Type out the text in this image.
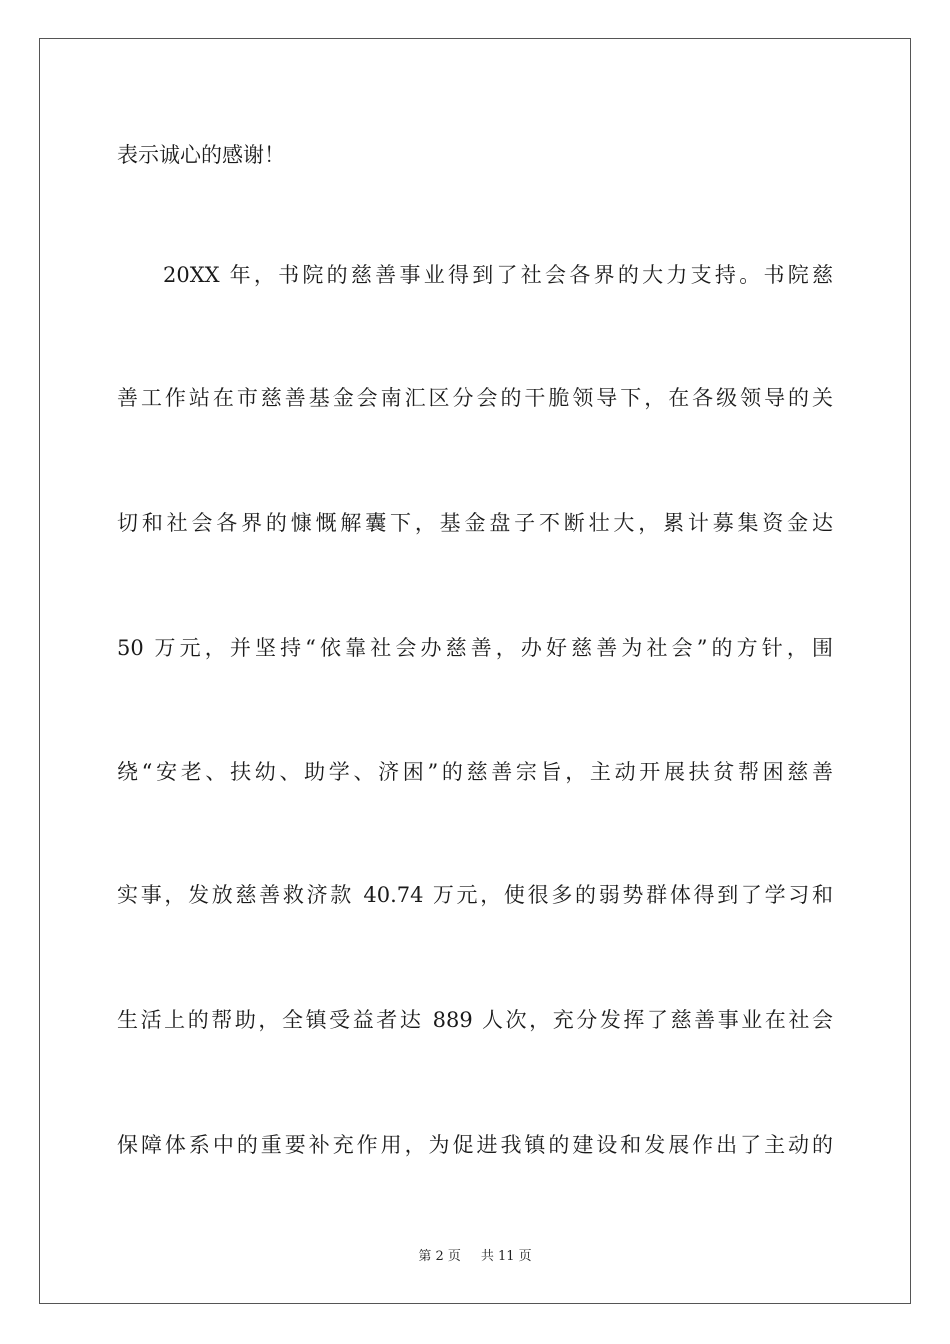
表示诚心的感谢！
20XX 年，书院的慈善事业得到了社会各界的大力支持。书院慈
善工作站在市慈善基金会南汇区分会的干脆领导下，在各级领导的关
切和社会各界的慷慨解囊下，基金盘子不断壮大，累计募集资金达
50 万元，并坚持“依靠社会办慈善，办好慈善为社会”的方针，围
绕“安老、扶幼、助学、济困”的慈善宗旨，主动开展扶贫帮困慈善
实事，发放慈善救济款 40.74 万元，使很多的弱势群体得到了学习和
生活上的帮助，全镇受益者达 889 人次，充分发挥了慈善事业在社会
保障体系中的重要补充作用，为促进我镇的建设和发展作出了主动的
第 2 页 共 11 页
